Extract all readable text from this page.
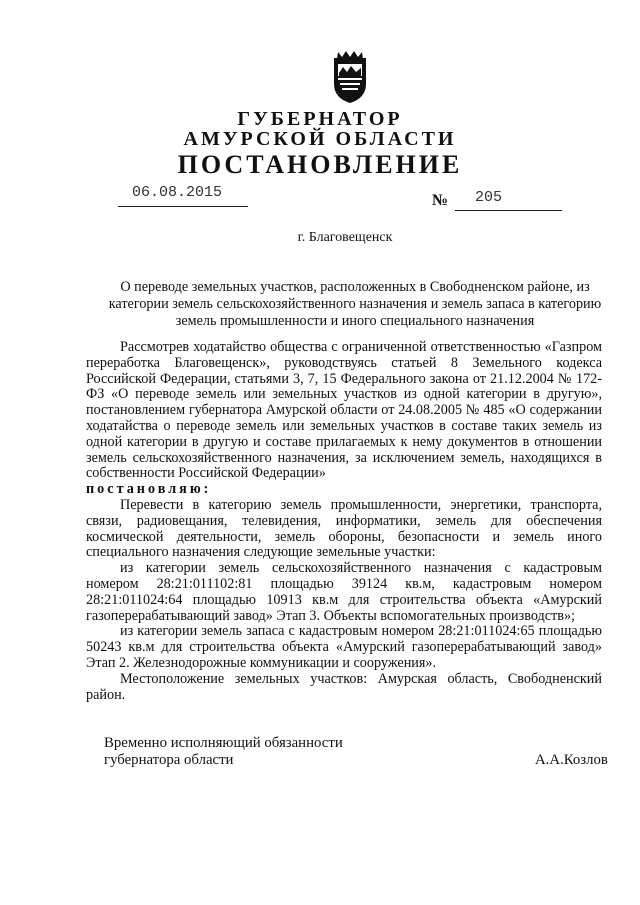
ГУБЕРНАТОР
АМУРСКОЙ ОБЛАСТИ
ПОСТАНОВЛЕНИЕ
06.08.2015	№ 205
г. Благовещенск
О переводе земельных участков, расположенных в Свободненском районе, из категории земель сельскохозяйственного назначения и земель запаса в категорию земель промышленности и иного специального назначения

Рассмотрев ходатайство общества с ограниченной ответственностью «Газпром переработка Благовещенск», руководствуясь статьей 8 Земельного кодекса Российской Федерации, статьями 3, 7, 15 Федерального закона от 21.12.2004 № 172-ФЗ «О переводе земель или земельных участков из одной категории в другую», постановлением губернатора Амурской области от 24.08.2005 № 485 «О содержании ходатайства о переводе земель или земельных участков в составе таких земель из одной категории в другую и составе прилагаемых к нему документов в отношении земель сельскохозяйственного назначения, за исключением земель, находящихся в собственности Российской Федерации»

постановляю:

Перевести в категорию земель промышленности, энергетики, транспорта, связи, радиовещания, телевидения, информатики, земель для обеспечения космической деятельности, земель обороны, безопасности и земель иного специального назначения следующие земельные участки:

из категории земель сельскохозяйственного назначения с кадастровым номером 28:21:011102:81 площадью 39124 кв.м, кадастровым номером 28:21:011024:64 площадью 10913 кв.м для строительства объекта «Амурский газоперерабатывающий завод» Этап 3. Объекты вспомогательных производств»;

из категории земель запаса с кадастровым номером 28:21:011024:65 площадью 50243 кв.м для строительства объекта «Амурский газоперерабатывающий завод» Этап 2. Железнодорожные коммуникации и сооружения».

Местоположение земельных участков: Амурская область, Свободненский район.

Временно исполняющий обязанности
губернатора области	А.А.Козлов
